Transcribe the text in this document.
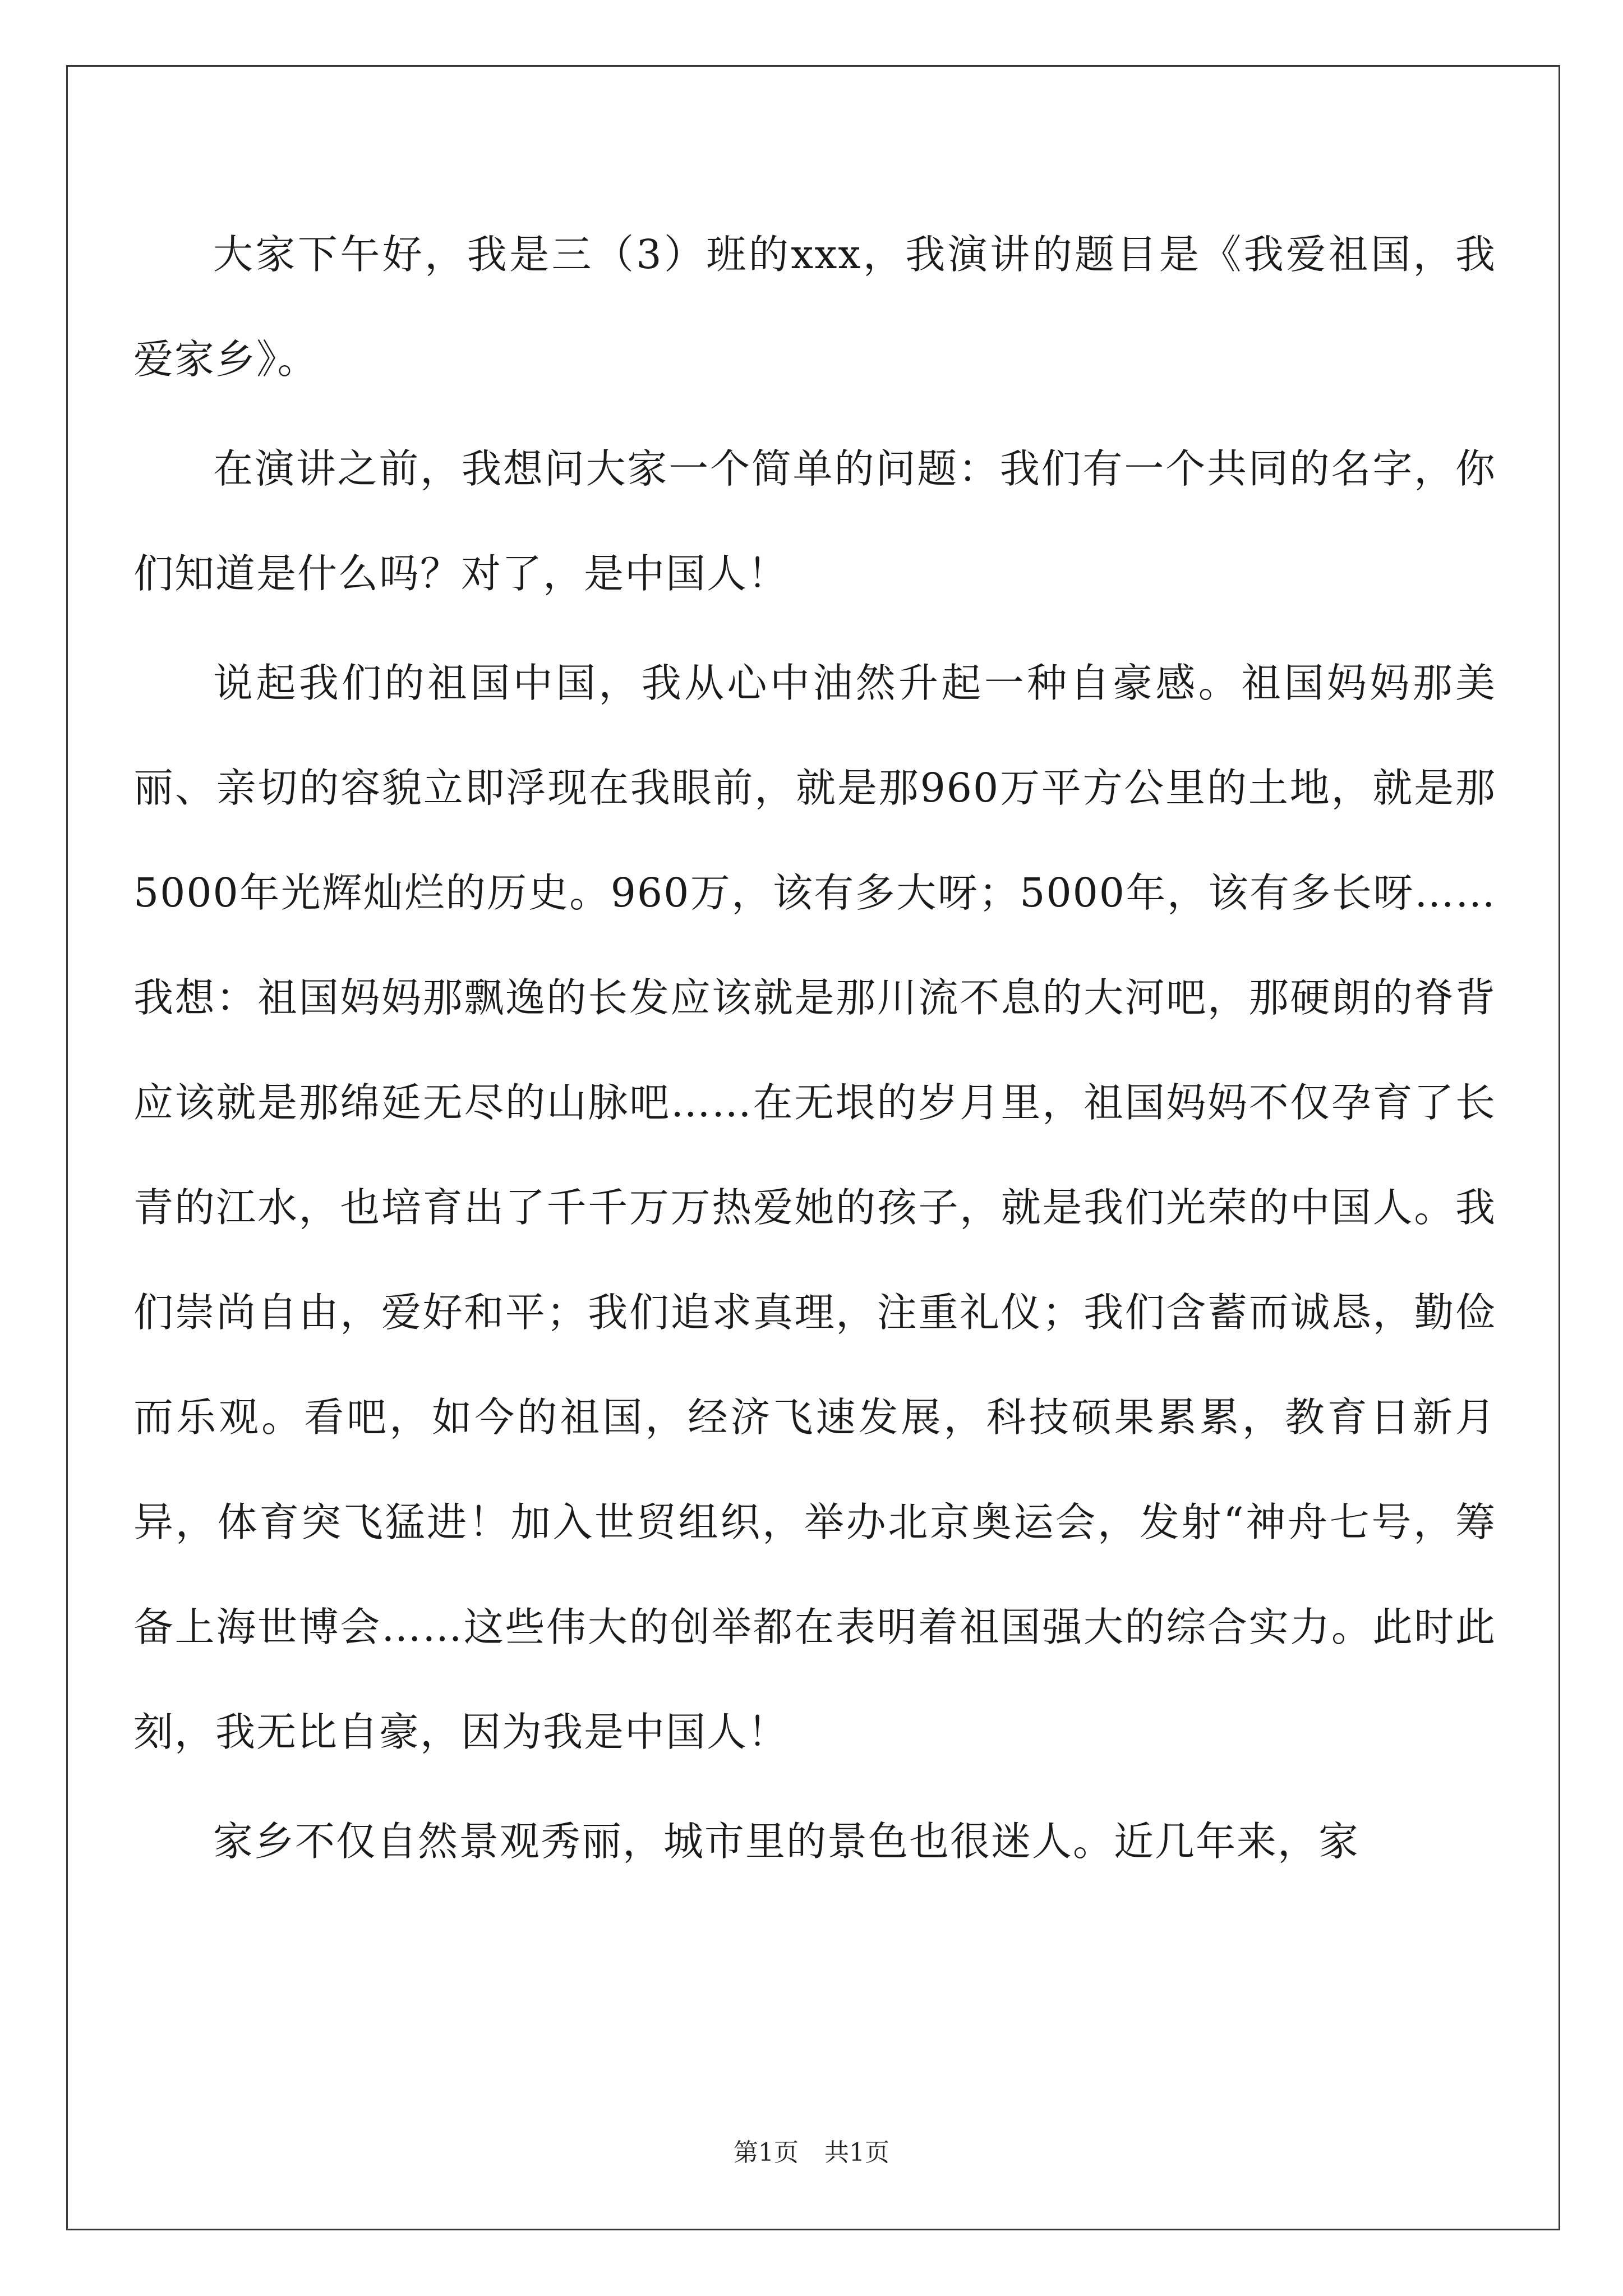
大家下午好，我是三（3）班的xxx，我演讲的题目是《我爱祖国，我爱家乡》。

在演讲之前，我想问大家一个简单的问题：我们有一个共同的名字，你们知道是什么吗？对了，是中国人！

说起我们的祖国中国，我从心中油然升起一种自豪感。祖国妈妈那美丽、亲切的容貌立即浮现在我眼前，就是那960万平方公里的土地，就是那5000年光辉灿烂的历史。960万，该有多大呀；5000年，该有多长呀……我想：祖国妈妈那飘逸的长发应该就是那川流不息的大河吧，那硬朗的脊背应该就是那绵延无尽的山脉吧……在无垠的岁月里，祖国妈妈不仅孕育了长青的江水，也培育出了千千万万热爱她的孩子，就是我们光荣的中国人。我们崇尚自由，爱好和平；我们追求真理，注重礼仪；我们含蓄而诚恳，勤俭而乐观。看吧，如今的祖国，经济飞速发展，科技硕果累累，教育日新月异，体育突飞猛进！加入世贸组织，举办北京奥运会，发射“神舟七号，筹备上海世博会……这些伟大的创举都在表明着祖国强大的综合实力。此时此刻，我无比自豪，因为我是中国人！

家乡不仅自然景观秀丽，城市里的景色也很迷人。近几年来，家

第1页 共1页
